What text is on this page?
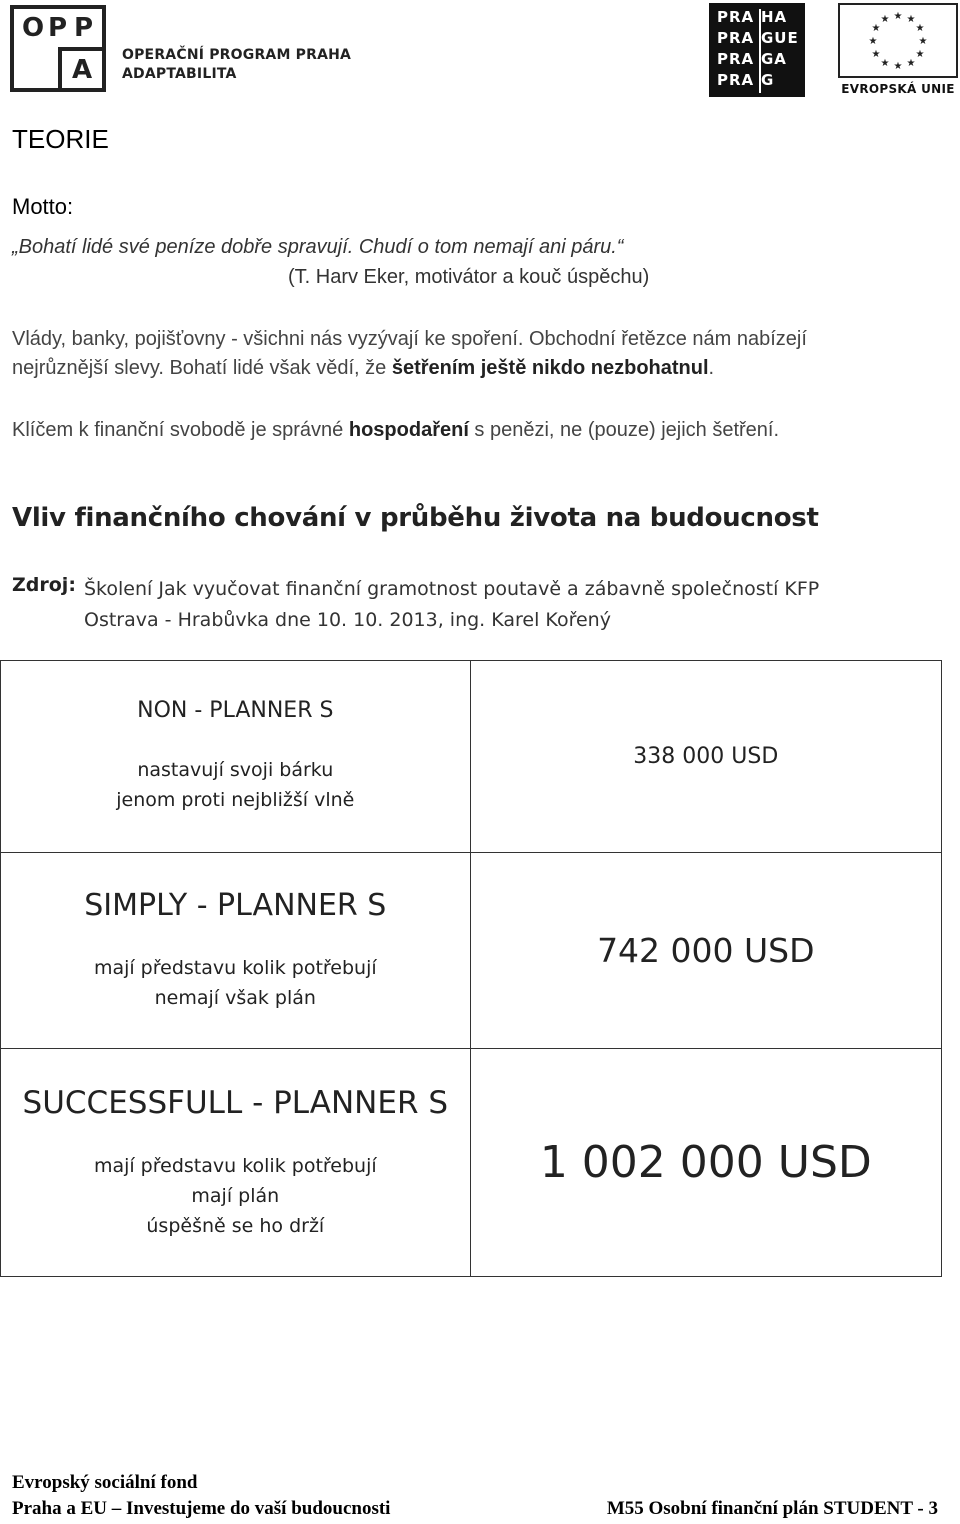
O P P
A OPERAČNÍ PROGRAM PRAHA
ADAPTABILITA
PRA HA
PRA GUE
PRA GA
PRA G
★ ★
★
★
★
★
★
★
★
★
★
★
EVROPSKÁ UNIE
TEORIE
Motto:
„Bohatí lidé své peníze dobře spravují. Chudí o tom nemají ani páru.“
(T. Harv Eker, motivátor a kouč úspěchu)
Vlády, banky, pojišťovny - všichni nás vyzývají ke spoření. Obchodní řetězce nám nabízejí
nejrůznější slevy. Bohatí lidé však vědí, že šetřením ještě nikdo nezbohatnul.
Klíčem k finanční svobodě je správné hospodaření s penězi, ne (pouze) jejich šetření.
Vliv finančního chování v průběhu života na budoucnost
Zdroj: Školení Jak vyučovat finanční gramotnost poutavě a zábavně společností KFP
Ostrava - Hrabůvka dne 10. 10. 2013, ing. Karel Kořený
NON - PLANNER S
nastavují svoji bárku
jenom proti nejbližší vlně	338 000 USD

SIMPLY - PLANNER S
mají představu kolik potřebují
nemají však plán	742 000 USD

SUCCESSFULL - PLANNER S
mají představu kolik potřebují
mají plán
úspěšně se ho drží	1 002 000 USD
Evropský sociální fond
Praha a EU – Investujeme do vaší budoucnosti	M55 Osobní finanční plán STUDENT - 3
